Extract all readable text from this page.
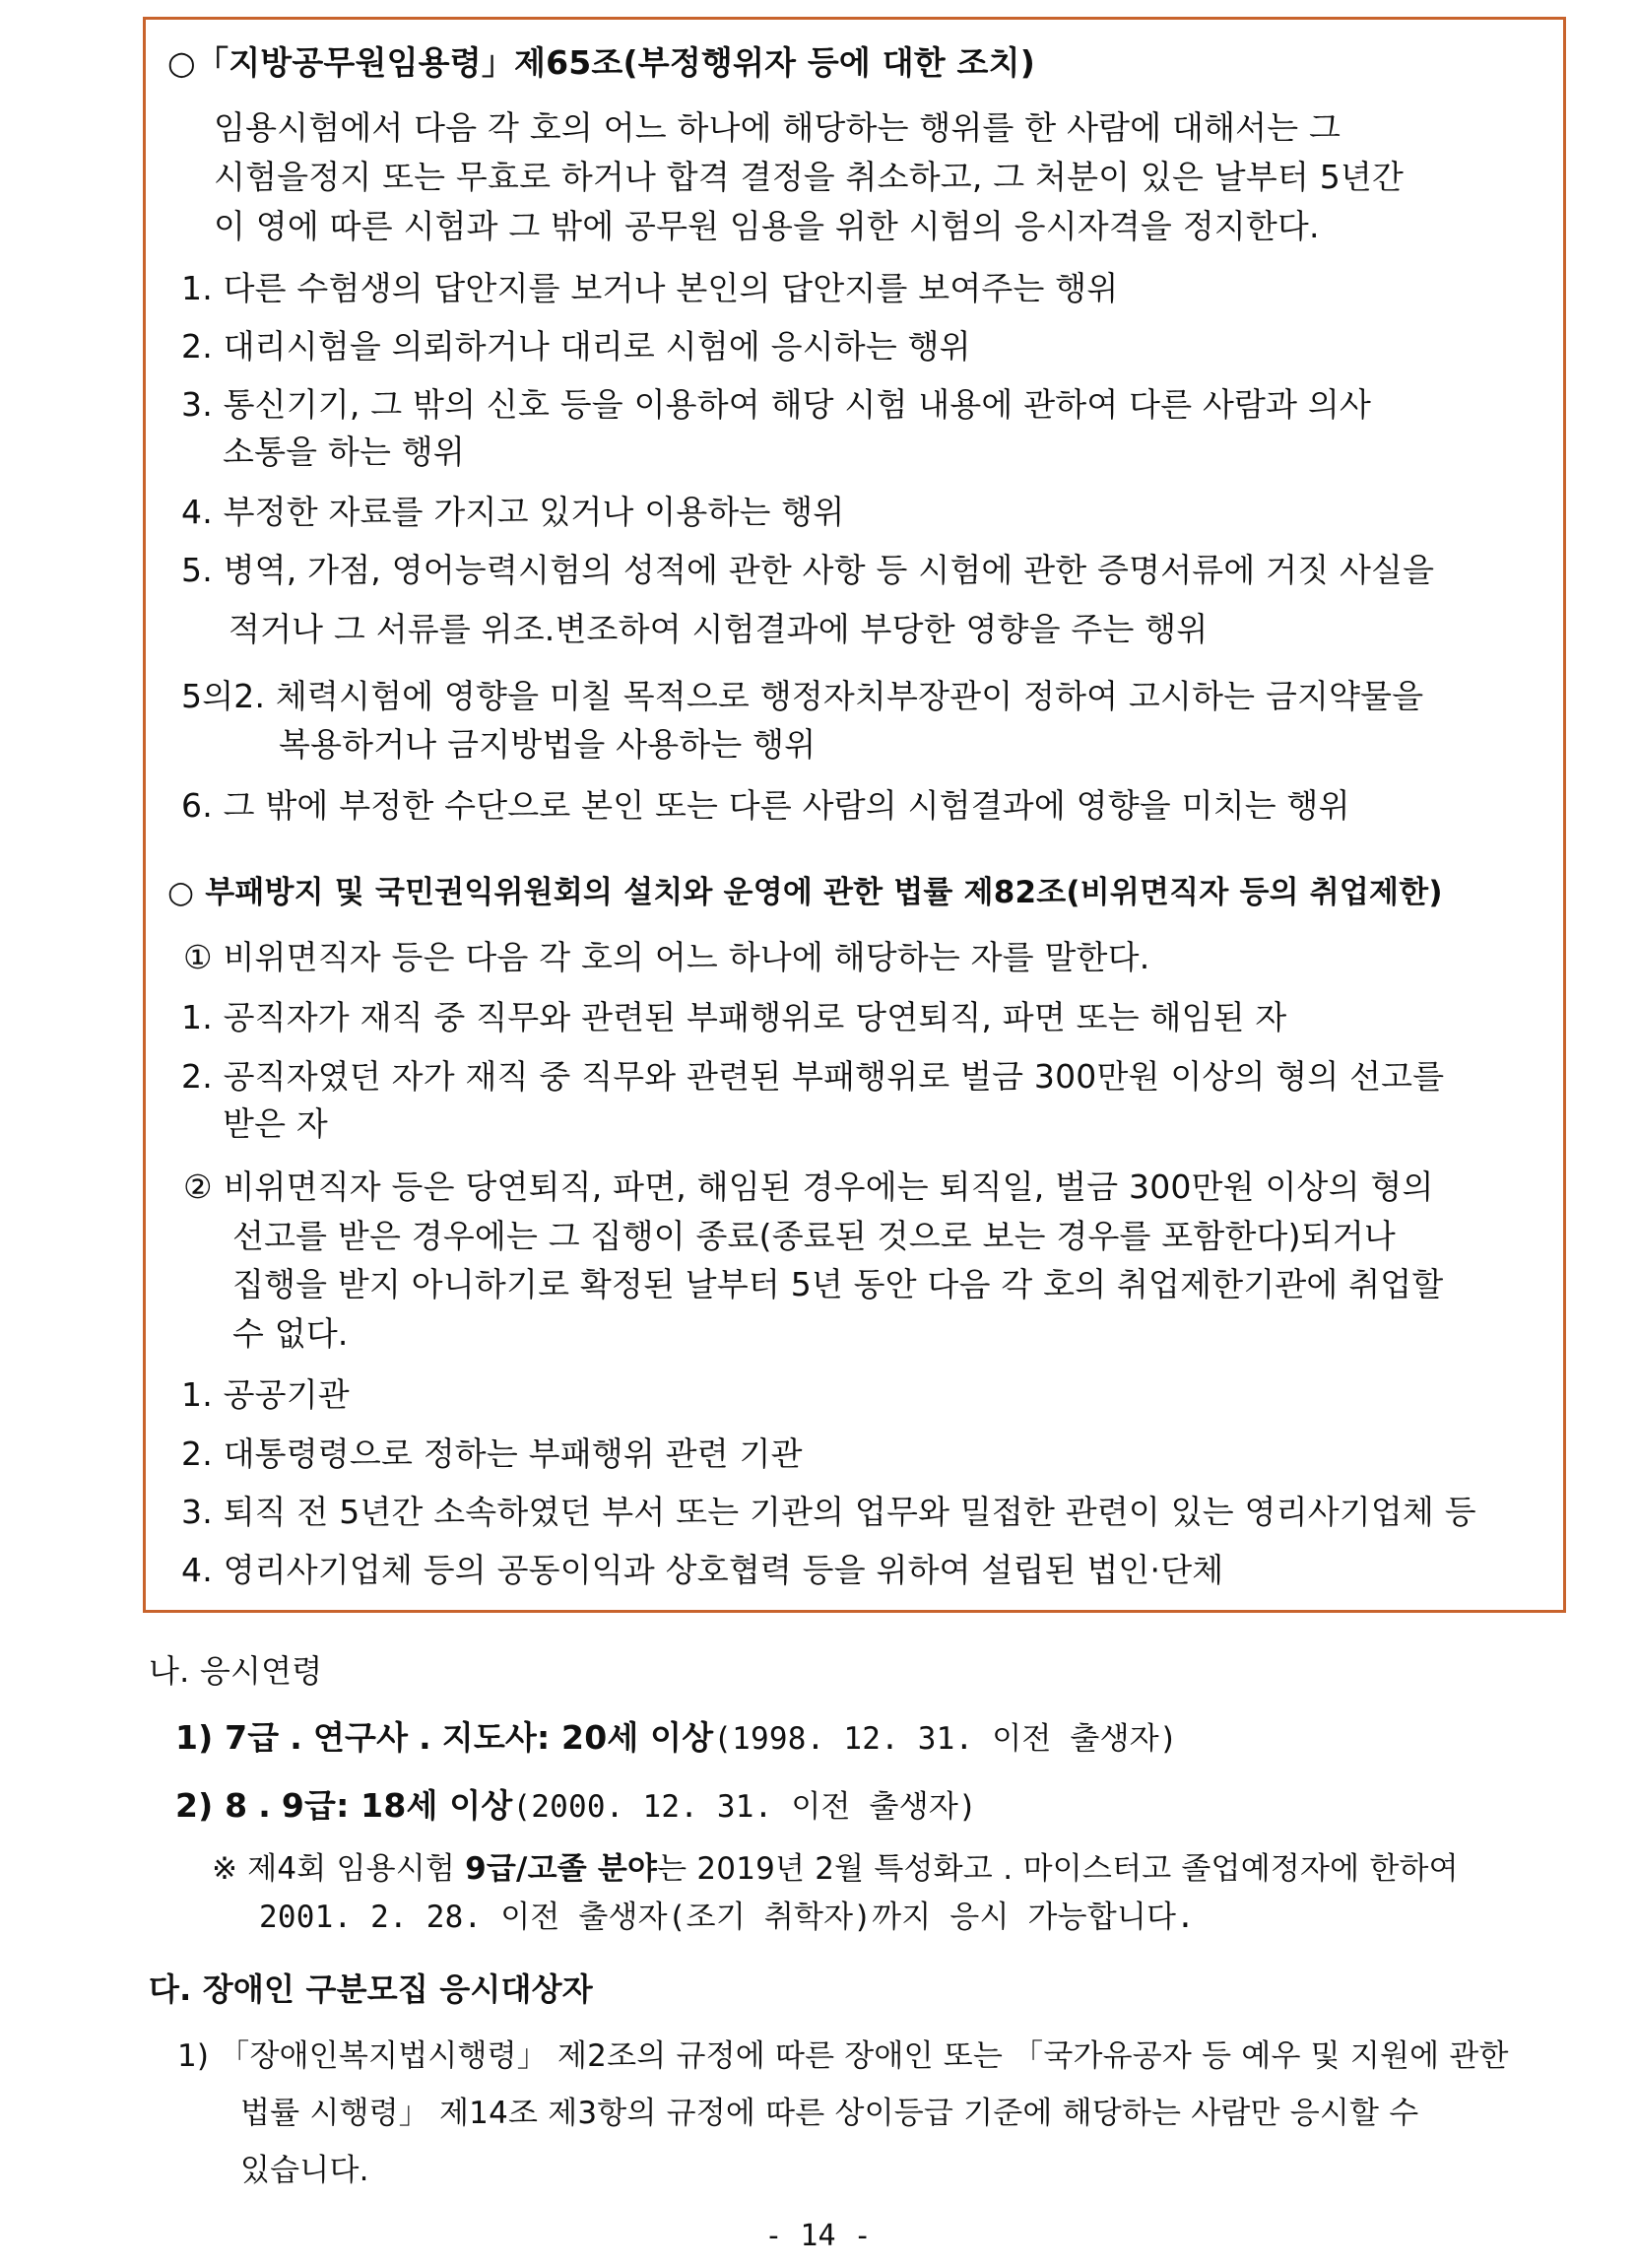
○「지방공무원임용령」제65조(부정행위자 등에 대한 조치)
임용시험에서 다음 각 호의 어느 하나에 해당하는 행위를 한 사람에 대해서는 그
시험을정지 또는 무효로 하거나 합격 결정을 취소하고, 그 처분이 있은 날부터 5년간
이 영에 따른 시험과 그 밖에 공무원 임용을 위한 시험의 응시자격을 정지한다.
1. 다른 수험생의 답안지를 보거나 본인의 답안지를 보여주는 행위
2. 대리시험을 의뢰하거나 대리로 시험에 응시하는 행위
3. 통신기기, 그 밖의 신호 등을 이용하여 해당 시험 내용에 관하여 다른 사람과 의사
소통을 하는 행위
4. 부정한 자료를 가지고 있거나 이용하는 행위
5. 병역, 가점, 영어능력시험의 성적에 관한 사항 등 시험에 관한 증명서류에 거짓 사실을
적거나 그 서류를 위조.변조하여 시험결과에 부당한 영향을 주는 행위
5의2. 체력시험에 영향을 미칠 목적으로 행정자치부장관이 정하여 고시하는 금지약물을
복용하거나 금지방법을 사용하는 행위
6. 그 밖에 부정한 수단으로 본인 또는 다른 사람의 시험결과에 영향을 미치는 행위
○ 부패방지 및 국민권익위원회의 설치와 운영에 관한 법률 제82조(비위면직자 등의 취업제한)
① 비위면직자 등은 다음 각 호의 어느 하나에 해당하는 자를 말한다.
1. 공직자가 재직 중 직무와 관련된 부패행위로 당연퇴직, 파면 또는 해임된 자
2. 공직자였던 자가 재직 중 직무와 관련된 부패행위로 벌금 300만원 이상의 형의 선고를
받은 자
② 비위면직자 등은 당연퇴직, 파면, 해임된 경우에는 퇴직일, 벌금 300만원 이상의 형의
선고를 받은 경우에는 그 집행이 종료(종료된 것으로 보는 경우를 포함한다)되거나
집행을 받지 아니하기로 확정된 날부터 5년 동안 다음 각 호의 취업제한기관에 취업할
수 없다.
1. 공공기관
2. 대통령령으로 정하는 부패행위 관련 기관
3. 퇴직 전 5년간 소속하였던 부서 또는 기관의 업무와 밀접한 관련이 있는 영리사기업체 등
4. 영리사기업체 등의 공동이익과 상호협력 등을 위하여 설립된 법인·단체
나. 응시연령
1) 7급 ․ 연구사 ․ 지도사: 20세 이상(1998. 12. 31. 이전 출생자)
2) 8 ․ 9급: 18세 이상(2000. 12. 31. 이전 출생자)
※ 제4회 임용시험 9급/고졸 분야는 2019년 2월 특성화고 ․ 마이스터고 졸업예정자에 한하여
2001. 2. 28. 이전 출생자(조기 취학자)까지 응시 가능합니다.
다. 장애인 구분모집 응시대상자
1) 「장애인복지법시행령」 제2조의 규정에 따른 장애인 또는 「국가유공자 등 예우 및 지원에 관한
법률 시행령」 제14조 제3항의 규정에 따른 상이등급 기준에 해당하는 사람만 응시할 수
있습니다.
- 14 -
